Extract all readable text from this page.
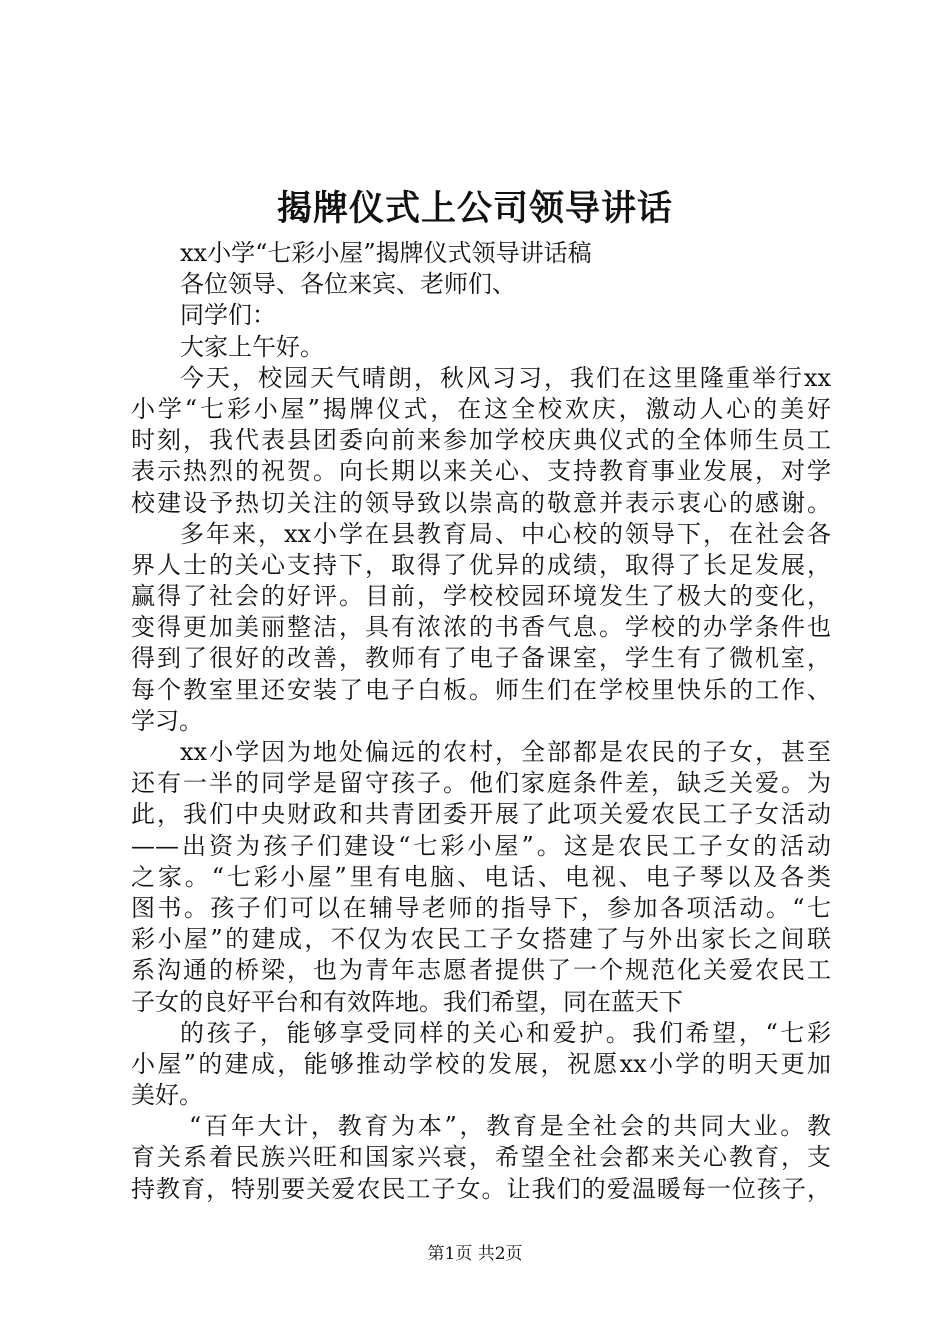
揭牌仪式上公司领导讲话
xx小学“七彩小屋”揭牌仪式领导讲话稿
各位领导、各位来宾、老师们、
同学们：
大家上午好。
今天，校园天气晴朗，秋风习习，我们在这里隆重举行xx
小学“七彩小屋”揭牌仪式，在这全校欢庆，激动人心的美好
时刻，我代表县团委向前来参加学校庆典仪式的全体师生员工
表示热烈的祝贺。向长期以来关心、支持教育事业发展，对学
校建设予热切关注的领导致以崇高的敬意并表示衷心的感谢。
多年来，xx小学在县教育局、中心校的领导下，在社会各
界人士的关心支持下，取得了优异的成绩，取得了长足发展，
赢得了社会的好评。目前，学校校园环境发生了极大的变化，
变得更加美丽整洁，具有浓浓的书香气息。学校的办学条件也
得到了很好的改善，教师有了电子备课室，学生有了微机室，
每个教室里还安装了电子白板。师生们在学校里快乐的工作、
学习。
xx小学因为地处偏远的农村，全部都是农民的子女，甚至
还有一半的同学是留守孩子。他们家庭条件差，缺乏关爱。为
此，我们中央财政和共青团委开展了此项关爱农民工子女活动
——出资为孩子们建设“七彩小屋”。这是农民工子女的活动
之家。“七彩小屋”里有电脑、电话、电视、电子琴以及各类
图书。孩子们可以在辅导老师的指导下，参加各项活动。“七
彩小屋”的建成，不仅为农民工子女搭建了与外出家长之间联
系沟通的桥梁，也为青年志愿者提供了一个规范化关爱农民工
子女的良好平台和有效阵地。我们希望，同在蓝天下
的孩子，能够享受同样的关心和爱护。我们希望，“七彩
小屋”的建成，能够推动学校的发展，祝愿xx小学的明天更加
美好。
“百年大计，教育为本”，教育是全社会的共同大业。教
育关系着民族兴旺和国家兴衰，希望全社会都来关心教育，支
持教育，特别要关爱农民工子女。让我们的爱温暖每一位孩子，
第1页 共2页
